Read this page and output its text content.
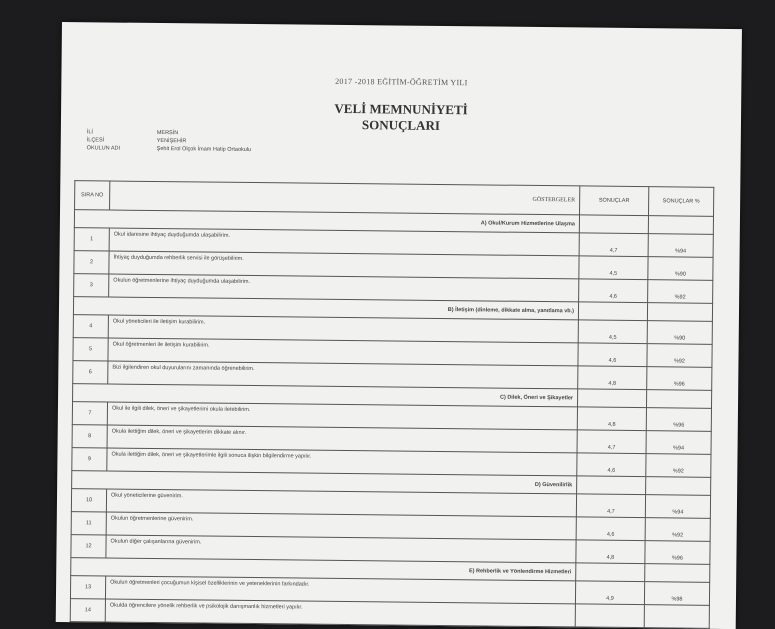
2017 -2018 EĞİTİM-ÖĞRETİM YILI
VELİ MEMNUNİYETİ
SONUÇLARI
İLİ	MERSİN
İLÇESİ	YENİŞEHİR
OKULUN ADI	Şehit Erol Olçok İmam Hatip Ortaokulu
SIRA NO	GÖSTERGELER	SONUÇLAR	SONUÇLAR %
A) Okul/Kurum Hizmetlerine Ulaşma			
1	Okul idaresine ihtiyaç duyduğumda ulaşabilirim.	4,7	%94
2	İhtiyaç duyduğumda rehberlik servisi ile görüşebilirim.	4,5	%90
3	Okulun öğretmenlerine ihtiyaç duyduğumda ulaşabilirim.	4,6	%92
B) İletişim (dinleme, dikkate alma, yanıtlama vb.)			
4	Okul yöneticileri ile iletişim kurabilirim.	4,5	%90
5	Okul öğretmenleri ile iletişim kurabilirim.	4,6	%92
6	Bizi ilgilendiren okul duyurularını zamanında öğrenebilirim.	4,8	%96
C) Dilek, Öneri ve Şikayetler			
7	Okul ile ilgili dilek, öneri ve şikayetlerimi okula iletebilirim.	4,8	%96
8	Okula ilettiğim dilek, öneri ve şikayetlerim dikkate alınır.	4,7	%94
9	Okula ilettiğim dilek, öneri ve şikayetlerimle ilgili sonuca ilişkin bilgilendirme yapılır.	4,6	%92
D) Güvenilirlik			
10	Okul yöneticilerine güvenirim.	4,7	%94
11	Okulun öğretmenlerine güvenirim.	4,6	%92
12	Okulun diğer çalışanlarına güvenirim.	4,8	%96
E) Rehberlik ve Yönlendirme Hizmetleri			
13	Okulun öğretmenleri çocuğumun kişisel özelliklerinin ve yeteneklerinin farkındadır.	4,9	%98
14	Okulda öğrencilere yönelik rehberlik ve psikolojik danışmanlık hizmetleri yapılır.		
